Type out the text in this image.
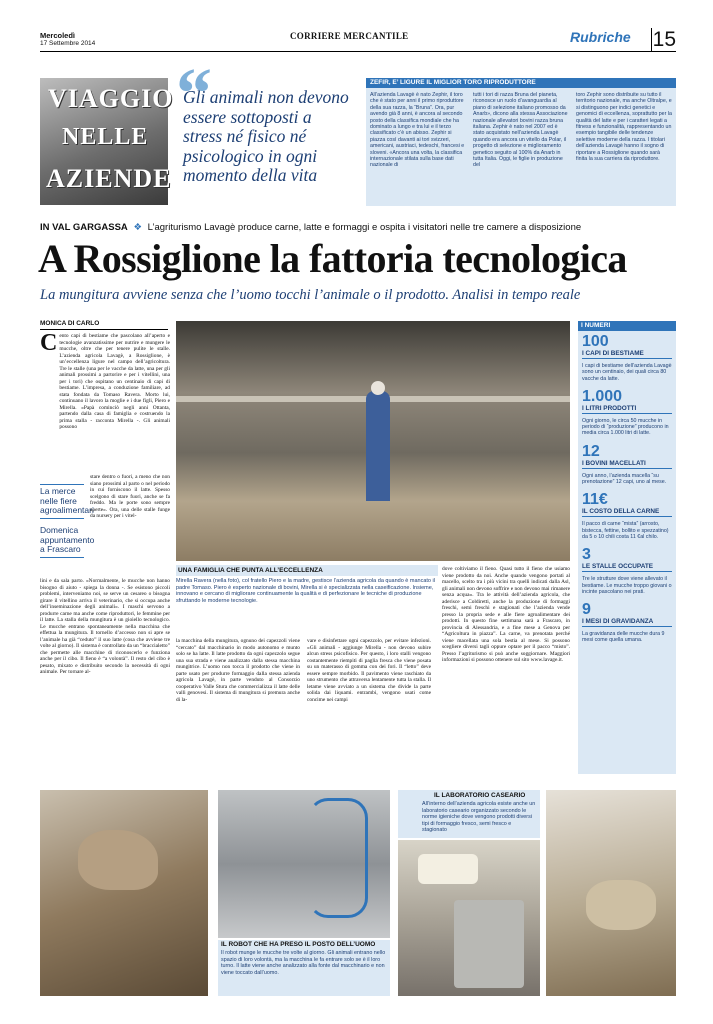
Mercoledì
17 Settembre 2014
CORRIERE MERCANTILE	Rubriche 15
VIAGGIO
NELLE
AZIENDE
“
Gli animali non devono essere sottoposti a stress né fisico né psicologico in ogni momento della vita
ZEFIR, E’ LIGURE IL MIGLIOR TORO RIPRODUTTORE
All’azienda Lavagè è nato Zephir, il toro che è stato per anni il primo riproduttore della sua razza, la “Bruna”. Ora, pur avendo già 8 anni, è ancora al secondo posto della classifica mondiale che ha dominato a lungo e tra lui e il terzo classificato c’è un abisso. Zephir si piazza così davanti ai tori svizzeri, americani, austriaci, tedeschi, francesi e sloveni. «Ancora una volta, la classifica internazionale stilata sulla base dati nazionale di
tutti i tori di razza Bruna del pianeta, riconosce un ruolo d’avanguardia al piano di selezione italiano promosso da Anarb», dicono alla stessa Associazione nazionale allevatori bovini razza bruna italiana. Zephir è nato nel 2007 ed è stato acquistato nell’azienda Lavagè quando era ancora un vitello da Polar, il progetto di selezione e miglioramento genetico seguito al 100% da Anarb in tutta Italia. Oggi, le figlie in produzione del
toro Zephir sono distribuite su tutto il territorio nazionale, ma anche Oltralpe, e si distinguono per indici genetici e genomici di eccellenza, soprattutto per la qualità del latte e per i caratteri legati a fitness e funzionalità, rappresentando un esempio tangibile delle tendenze selettive moderne della razza. I titolari dell’azienda Lavagè hanno il sogno di riportare a Rossiglione quando sarà finita la sua carriera da riproduttore.
IN VAL GARGASSA ❖ L’agriturismo Lavagè produce carne, latte e formaggi e ospita i visitatori nelle tre camere a disposizione
A Rossiglione la fattoria tecnologica
La mungitura avviene senza che l’uomo tocchi l’animale o il prodotto. Analisi in tempo reale
MONICA DI CARLO
C ento capi di bestiame che pascolano all’aperto e tecnologie avanzatissime per nutrire e mungere le mucche, oltre che per tenere pulite le stalle. L’azienda agricola Lavagè, a Rossiglione, è un’eccellenza ligure nel campo dell’agricoltura. Tre le stalle (una per le vacche da latte, una per gli animali prossimi a partorire e per i vitellini, una per i tori) che ospitano un centinaio di capi di bestiame. L’impresa, a conduzione familiare, ad stata fondata da Tomaso Ravera. Morto lui, continuano il lavoro la moglie e i due figli, Piero e Mirella. «Papà cominciò negli anni Ottanta, partendo dalla casa di famiglia e costruendo la prima stalla - racconta Mirella -. Gli animali possono
La merce nelle fiere agroalimentari
Domenica appuntamento a Frascaro
stare dentro o fuori, a meno che non siano prossimi al parto o nel periodo in cui forniscono il latte. Spesso scelgono di stare fuori, anche se fa freddo. Ma le porte sono sempre aperte». Ora, una delle stalle funge da nursery per i vitel-
lini e da sala parto. «Normalmente, le mucche non hanno bisogno di aiuto - spiega la donna -. Se esistono piccoli problemi, interveniamo noi, se serve un cesareo o bisogna girare il vitellino arriva il veterinario, che si occupa anche dell’inseminazione degli animali». I maschi servono a produrre carne ma anche come riproduttori, le femmine per il latte. La stalla della mungitura è un gioiello tecnologico. Le mucche entrano spontaneamente nella macchina che effettua la mungitura. Il tornello d’accesso non si apre se l’animale ha già “ceduto” il suo latte (cosa che avviene tre volte al giorno). Il sistema è controllato da un “braccialetto” che permette alle macchine di riconoscerlo e funziona anche per il cibo. Il fieno è “a volontà”. Il resto del cibo è pesato, mixato e distribuito secondo la necessità di ogni animale. Per tornare al-
UNA FAMIGLIA CHE PUNTA ALL’ECCELLENZA
Mirella Ravera (nella foto), col fratello Piero e la madre, gestisce l’azienda agricola da quando è mancato il padre Tomaso. Piero è esperto nazionale di bovini, Mirella si è specializzata nella caseificazione. Insieme, innovano e cercano di migliorare continuamente la qualità e di perfezionare le tecniche di produzione sfruttando le moderne tecnologie.
la macchina della mungitura, ognuno dei capezzoli viene “cercato” dal macchinario in modo autonomo e munto solo se ha latte. Il latte prodotto da ogni capezzolo segue una sua strada e viene analizzato dalla stessa macchina mungitrice. L’uomo non tocca il prodotto che viene in parte usato per produrre formaggio dalla stessa azienda agricola Lavagè, in parte venduto al Consorzio cooperativo Valle Stura che commercializza il latte delle valli genovesi. Il sistema di mungitura si premura anche di la-
vare e disinfettare ogni capezzolo, per evitare infezioni. «Gli animali - aggiunge Mirella - non devono subire alcun stress psicofisico. Per questo, i loro stalli vengono costantemente riempiti di paglia fresca che viene posata su un materasso di gomma con dei fori. Il “letto” deve essere sempre morbido. Il pavimento viene raschiato da uno strumento che attraversa lentamente tutta la stalla. Il letame viene avviato a un sistema che divide la parte solida dai liquami. entrambi, vengono usati come concime nei campi
dove coltiviamo il fieno. Quasi tutto il fieno che usiamo viene prodotto da noi. Anche quando vengono portati al macello, scelto tra i più vicini tra quelli indicati dalla Asl, gli animali non devono soffrire e non devono mai rimanere senza acqua». Tra le attività dell’azienda agricola, che aderisce a Coldiretti, anche la produzione di formaggi freschi, semi freschi e stagionati che l’azienda vende presso la propria sede e alle fiere agroalimentare dei prodotti. In questo fine settimana sarà a Frascaro, in provincia di Alessandria, e a fine mese a Genova per “Agricoltura in piazza”. La carne, va prenotata perché viene macellata una sola bestia al mese. Si possono scegliere diversi tagli oppure optare per il pacco “misto”. Presso l’agriturismo si può anche soggiornare. Maggiori informazioni si possono ottenere sul sito www.lavage.it.
I NUMERI
100
I CAPI DI BESTIAME
I capi di bestiame dell’azienda Lavagè sono un centinaio, dei quali circa 80 vacche da latte.
1.000
I LITRI PRODOTTI
Ogni giorno, le circa 50 mucche in periodo di “produzione” producono in media circa 1.000 litri di latte.
12
I BOVINI MACELLATI
Ogni anno, l’azienda macella “su prenotazione” 12 capi, uno al mese.
11€
IL COSTO DELLA CARNE
Il pacco di carne “mista” (arrosto, bistecca, fettine, bollito e spezzatino) da 5 o 10 chili costa 11 €al chilo.
3
LE STALLE OCCUPATE
Tre le strutture dove viene allevato il bestiame. Le mucche troppo giovani o incinte pascolano nei prati.
9
I MESI DI GRAVIDANZA
La gravidanza delle mucche dura 9 mesi come quella umana.
IL ROBOT CHE HA PRESO IL POSTO DELL’UOMO
Il robot munge le mucche tre volte al giorno. Gli animali entrano nello spazio di loro volontà, ma la macchina le fa entrare solo se è il loro turno. Il latte viene anche analizzato alla fonte dal macchinario e non viene toccato dall’uomo.
IL LABORATORIO CASEARIO
All’interno dell’azienda agricola esiste anche un laboratorio caseario organizzato secondo le norme igieniche dove vengono prodotti diversi tipi di formaggio fresco, semi fresco e stagionato
